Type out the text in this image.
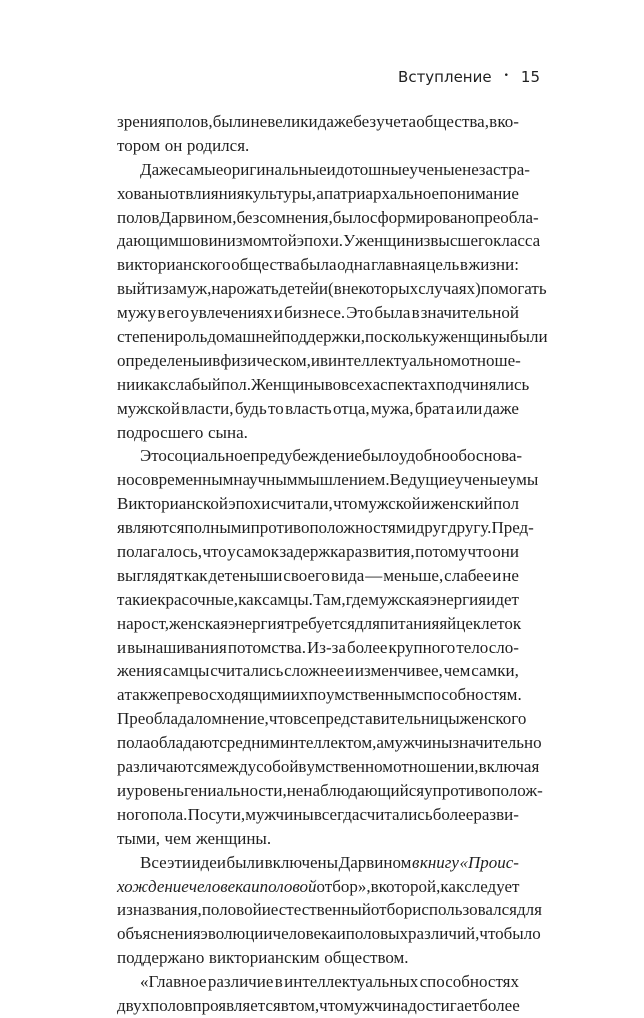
Вступление • 15
зрения полов, были невелики даже без учета общества, в ко-
тором он родился.
Даже самые оригинальные и дотошные ученые не застра-
хованы от влияния культуры, а патриархальное понимание
полов Дарвином, без сомнения, было сформировано преобла-
дающим шовинизмом той эпохи. У женщин из высшего класса
викторианского общества была одна главная цель в жизни:
выйти замуж, нарожать детей и (в некоторых случаях) помогать
мужу в его увлечениях и бизнесе. Это была в значительной
степени роль домашней поддержки, поскольку женщины были
определены и в физическом, и в интеллектуальном отноше-
нии как слабый пол. Женщины во всех аспектах подчинялись
мужской власти, будь то власть отца, мужа, брата или даже
подросшего сына.
Это социальное предубеждение было удобно обоснова-
но современным научным мышлением. Ведущие ученые умы
Викторианской эпохи считали, что мужской и женский пол
являются полными противоположностями друг другу. Пред-
полагалось, что у самок задержка развития, потому что они
выглядят как детеныши своего вида — меньше, слабее и не
такие красочные, как самцы. Там, где мужская энергия идет
на рост, женская энергия требуется для питания яйцеклеток
и вынашивания потомства. Из-за более крупного телосло-
жения самцы считались сложнее и изменчивее, чем самки,
а также превосходящими их по умственным способностям.
Преобладало мнение, что все представительницы женского
пола обладают средним интеллектом, а мужчины значительно
различаются между собой в умственном отношении, включая
и уровень гениальности, не наблюдающийся у противополож-
ного пола. По сути, мужчины всегда считались более разви-
тыми, чем женщины.
Все эти идеи были включены Дарвином в книгу «Проис-
хождение человека и половой отбор», в которой, как следует
из названия, половой и естественный отбор использовался для
объяснения эволюции человека и половых различий, что было
поддержано викторианским обществом.
«Главное различие в интеллектуальных способностях
двух полов проявляется в том, что мужчина достигает более
